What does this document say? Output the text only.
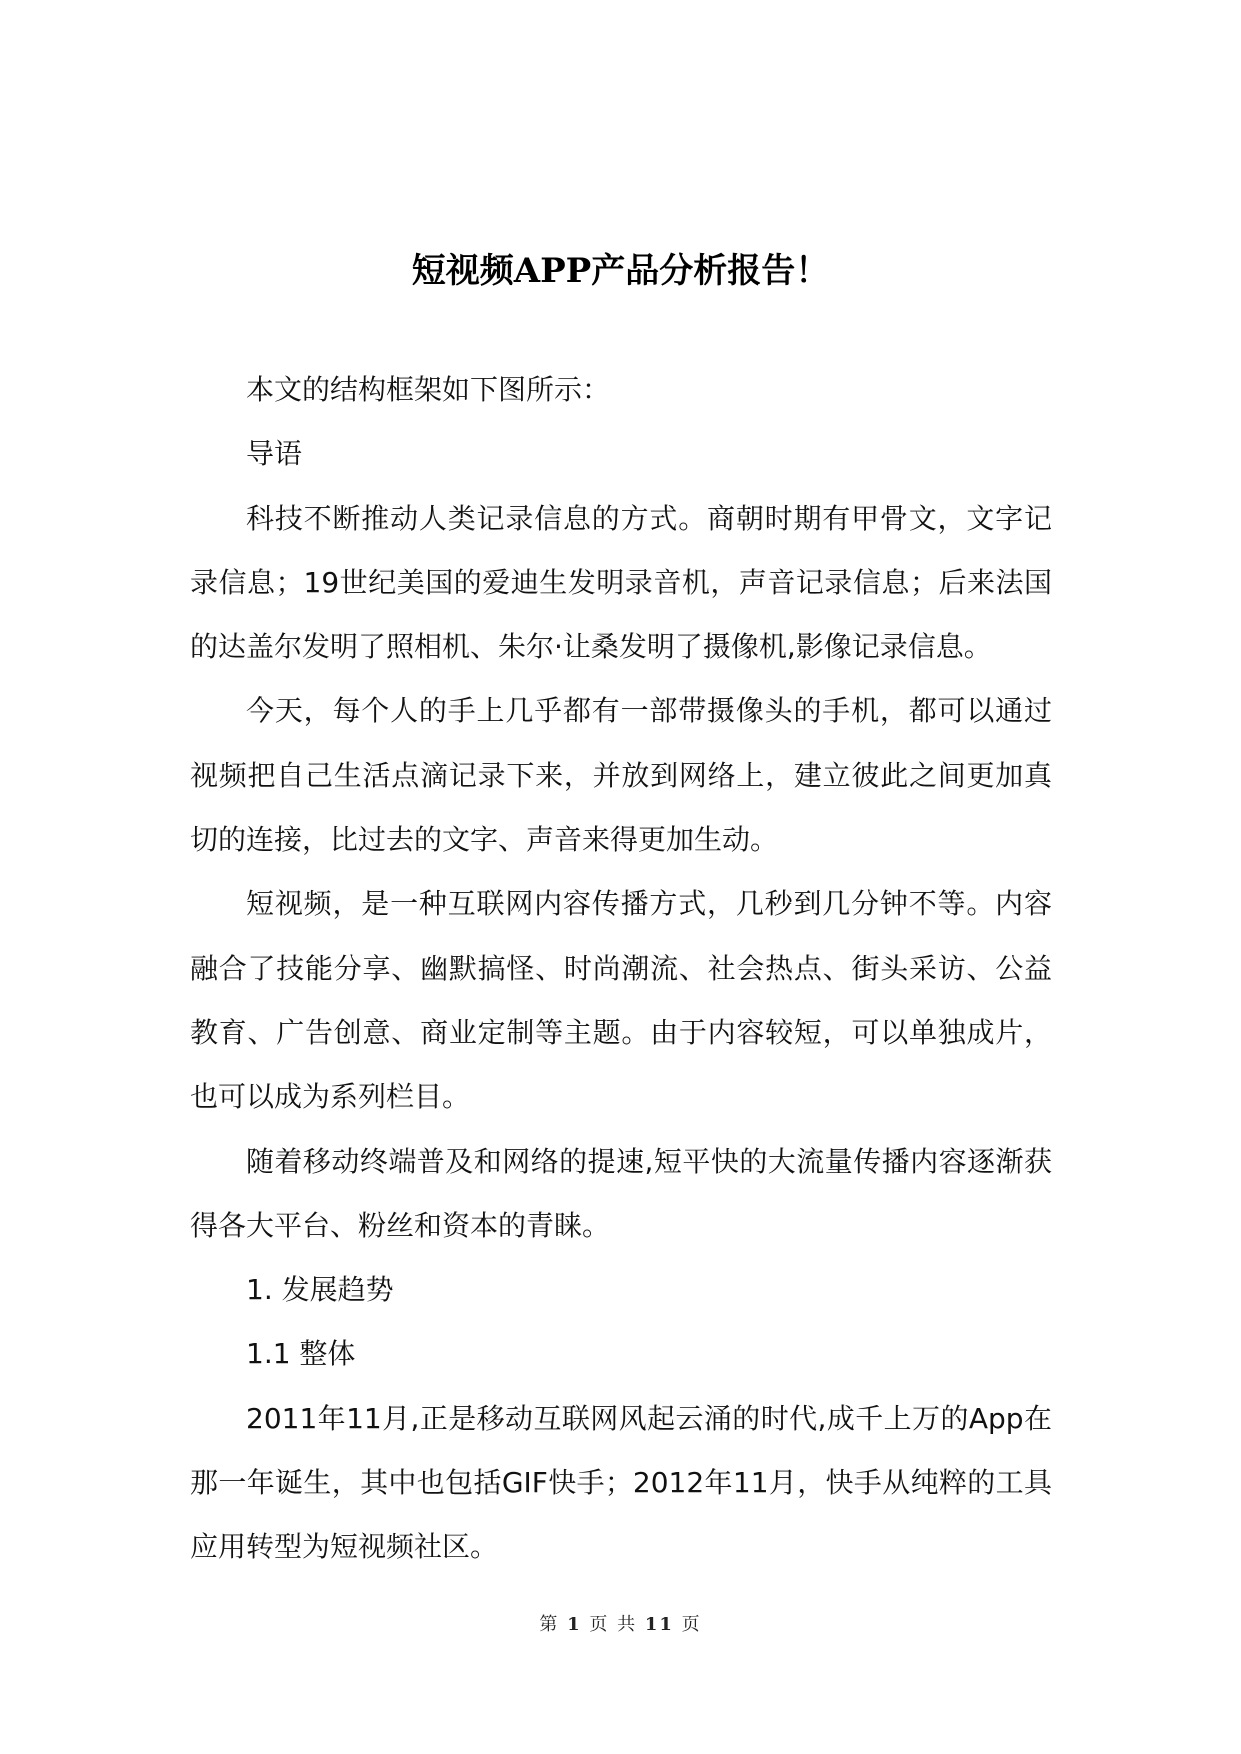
短视频APP产品分析报告！

本文的结构框架如下图所示：

导语

科技不断推动人类记录信息的方式。商朝时期有甲骨文，文字记录信息；19世纪美国的爱迪生发明录音机，声音记录信息；后来法国的达盖尔发明了照相机、朱尔·让桑发明了摄像机,影像记录信息。

今天，每个人的手上几乎都有一部带摄像头的手机，都可以通过视频把自己生活点滴记录下来，并放到网络上，建立彼此之间更加真切的连接，比过去的文字、声音来得更加生动。

短视频，是一种互联网内容传播方式，几秒到几分钟不等。内容融合了技能分享、幽默搞怪、时尚潮流、社会热点、街头采访、公益教育、广告创意、商业定制等主题。由于内容较短，可以单独成片，也可以成为系列栏目。

随着移动终端普及和网络的提速,短平快的大流量传播内容逐渐获得各大平台、粉丝和资本的青睐。

1. 发展趋势

1.1 整体

2011年11月,正是移动互联网风起云涌的时代,成千上万的App在那一年诞生，其中也包括GIF快手；2012年11月，快手从纯粹的工具应用转型为短视频社区。

第 1 页 共 11 页
